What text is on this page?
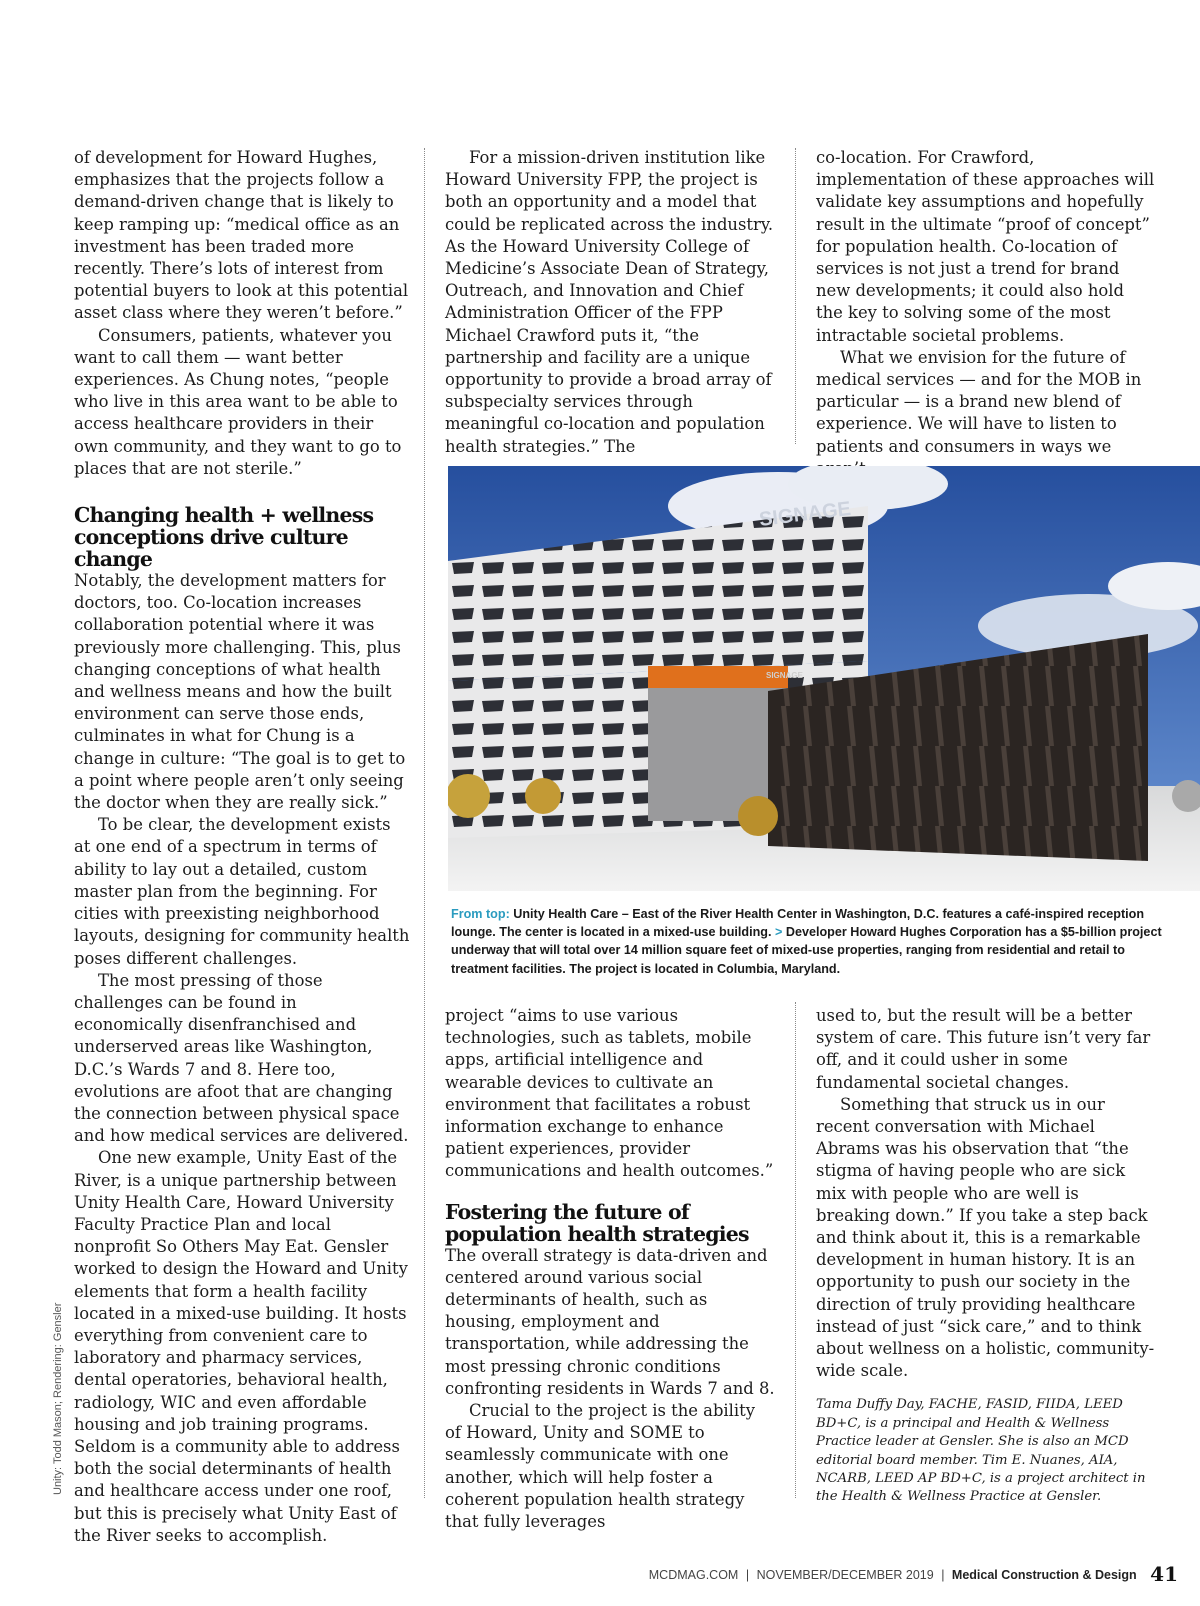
of development for Howard Hughes, emphasizes that the projects follow a demand-driven change that is likely to keep ramping up: “medical office as an investment has been traded more recently. There’s lots of interest from potential buyers to look at this potential asset class where they weren’t before.”

Consumers, patients, whatever you want to call them — want better experiences. As Chung notes, “people who live in this area want to be able to access healthcare providers in their own community, and they want to go to places that are not sterile.”

Changing health + wellness conceptions drive culture change

Notably, the development matters for doctors, too. Co-location increases collaboration potential where it was previously more challenging. This, plus changing conceptions of what health and wellness means and how the built environment can serve those ends, culminates in what for Chung is a change in culture: “The goal is to get to a point where people aren’t only seeing the doctor when they are really sick.”

To be clear, the development exists at one end of a spectrum in terms of ability to lay out a detailed, custom master plan from the beginning. For cities with preexisting neighborhood layouts, designing for community health poses different challenges.

The most pressing of those challenges can be found in economically disenfranchised and underserved areas like Washington, D.C.’s Wards 7 and 8. Here too, evolutions are afoot that are changing the connection between physical space and how medical services are delivered.

One new example, Unity East of the River, is a unique partnership between Unity Health Care, Howard University Faculty Practice Plan and local nonprofit So Others May Eat. Gensler worked to design the Howard and Unity elements that form a health facility located in a mixed-use building. It hosts everything from convenient care to laboratory and pharmacy services, dental operatories, behavioral health, radiology, WIC and even affordable housing and job training programs. Seldom is a community able to address both the social determinants of health and healthcare access under one roof, but this is precisely what Unity East of the River seeks to accomplish.

For a mission-driven institution like Howard University FPP, the project is both an opportunity and a model that could be replicated across the industry. As the Howard University College of Medicine’s Associate Dean of Strategy, Outreach, and Innovation and Chief Administration Officer of the FPP Michael Crawford puts it, “the partnership and facility are a unique opportunity to provide a broad array of subspecialty services through meaningful co-location and population health strategies.” The

co-location. For Crawford, implementation of these approaches will validate key assumptions and hopefully result in the ultimate “proof of concept” for population health. Co-location of services is not just a trend for brand new developments; it could also hold the key to solving some of the most intractable societal problems.

What we envision for the future of medical services — and for the MOB in particular — is a brand new blend of experience. We will have to listen to patients and consumers in ways we

SIGNAGE
SIGNAGE
From top: Unity Health Care – East of the River Health Center in Washington, D.C. features a café-inspired reception lounge. The center is located in a mixed-use building. > Developer Howard Hughes Corporation has a $5-billion project underway that will total over 14 million square feet of mixed-use properties, ranging from residential and retail to treatment facilities. The project is located in Columbia, Maryland.

project “aims to use various technologies, such as tablets, mobile apps, artificial intelligence and wearable devices to cultivate an environment that facilitates a robust information exchange to enhance patient experiences, provider communications and health outcomes.”

Fostering the future of population health strategies

The overall strategy is data-driven and centered around various social determinants of health, such as housing, employment and transportation, while addressing the most pressing chronic conditions confronting residents in Wards 7 and 8.

Crucial to the project is the ability of Howard, Unity and SOME to seamlessly communicate with one another, which will help foster a coherent population health strategy that fully leverages

used to, but the result will be a better system of care. This future isn’t very far off, and it could usher in some fundamental societal changes.

Something that struck us in our recent conversation with Michael Abrams was his observation that “the stigma of having people who are sick mix with people who are well is breaking down.” If you take a step back and think about it, this is a remarkable development in human history. It is an opportunity to push our society in the direction of truly providing healthcare instead of just “sick care,” and to think about wellness on a holistic, community-wide scale.

Tama Duffy Day, FACHE, FASID, FIIDA, LEED BD+C, is a principal and Health & Wellness Practice leader at Gensler. She is also an MCD editorial board member. Tim E. Nuanes, AIA, NCARB, LEED AP BD+C, is a project architect in the Health & Wellness Practice at Gensler.
Unity: Todd Mason; Rendering: Gensler
MCDMAG.COM | NOVEMBER/DECEMBER 2019 | Medical Construction & Design 41
